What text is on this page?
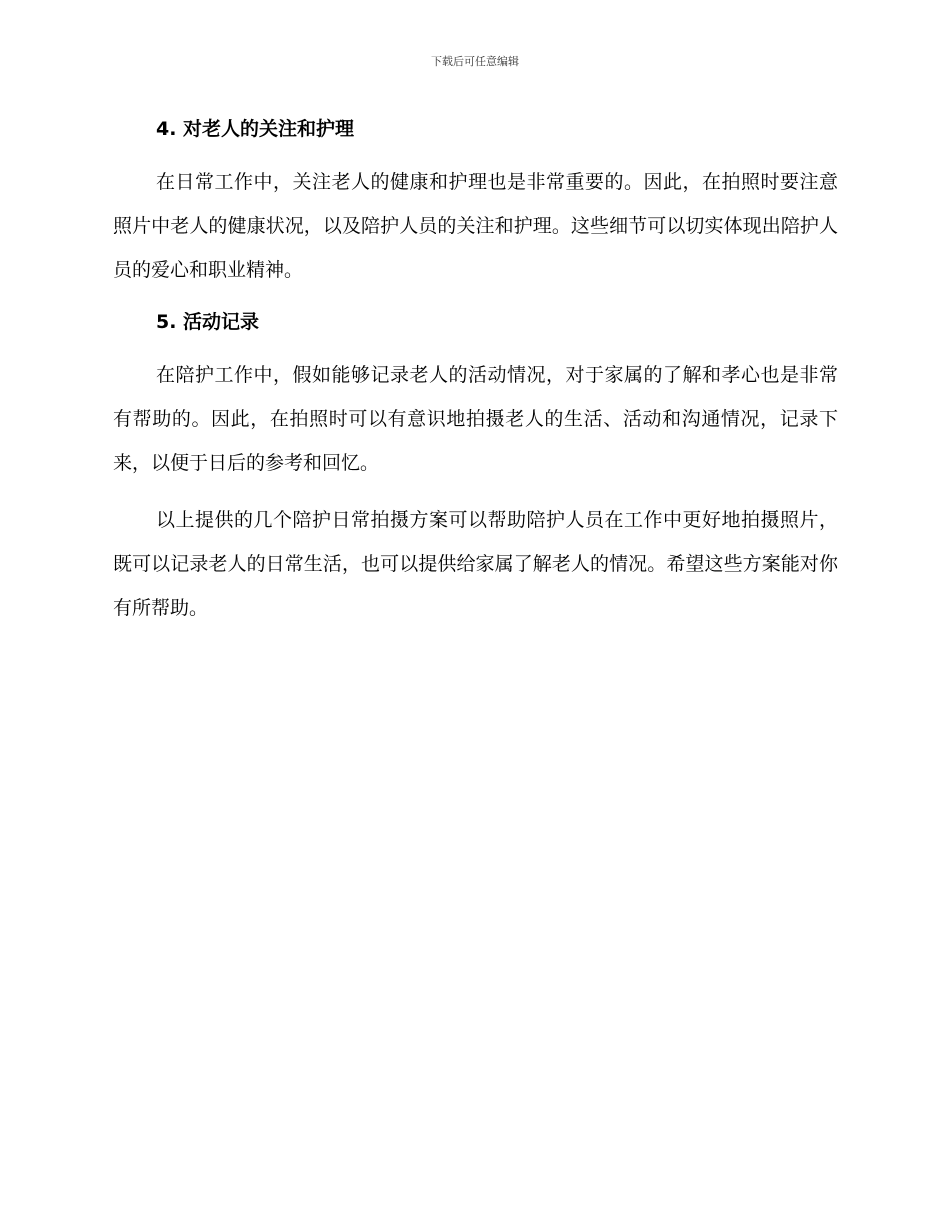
下载后可任意编辑
4. 对老人的关注和护理

在日常工作中，关注老人的健康和护理也是非常重要的。因此，在拍照时要注意照片中老人的健康状况，以及陪护人员的关注和护理。这些细节可以切实体现出陪护人员的爱心和职业精神。

5. 活动记录

在陪护工作中，假如能够记录老人的活动情况，对于家属的了解和孝心也是非常有帮助的。因此，在拍照时可以有意识地拍摄老人的生活、活动和沟通情况，记录下来，以便于日后的参考和回忆。

以上提供的几个陪护日常拍摄方案可以帮助陪护人员在工作中更好地拍摄照片，既可以记录老人的日常生活，也可以提供给家属了解老人的情况。希望这些方案能对你有所帮助。
